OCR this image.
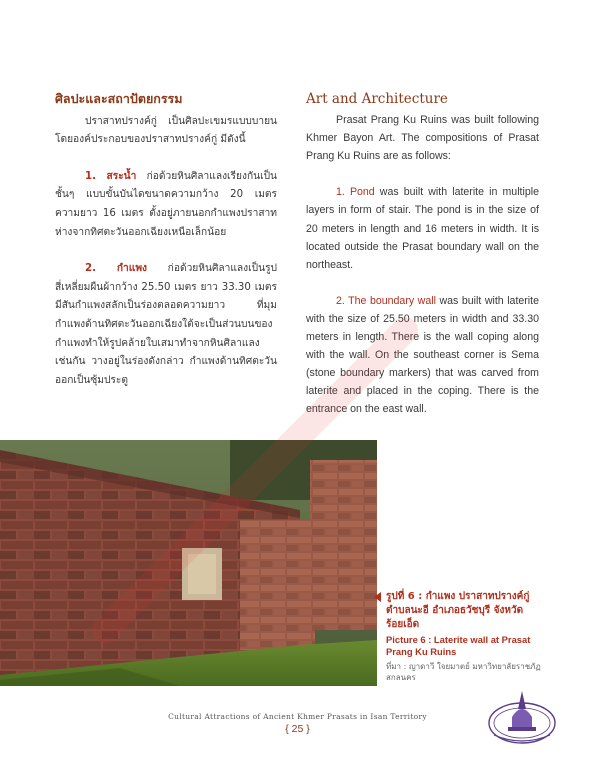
ศิลปะและสถาปัตยกรรม

ปราสาทปรางค์กู่ เป็นศิลปะเขมรแบบบายน โดยองค์ประกอบของปราสาทปรางค์กู่ มีดังนี้

1. สระน้ำ ก่อด้วยหินศิลาแลงเรียงกันเป็นชั้นๆ แบบขั้นบันไดขนาดความกว้าง 20 เมตร ความยาว 16 เมตร ตั้งอยู่ภายนอกกำแพงปราสาทห่างจากทิศตะวันออกเฉียงเหนือเล็กน้อย

2. กำแพง ก่อด้วยหินศิลาแลงเป็นรูปสี่เหลี่ยมผืนผ้ากว้าง 25.50 เมตร ยาว 33.30 เมตร มีสันกำแพงสลักเป็นร่องตลอดความยาว ที่มุมกำแพงด้านทิศตะวันออกเฉียงใต้จะเป็นส่วนบนของกำแพงทำให้รูปคล้ายใบเสมาทำจากหินศิลาแลงเช่นกัน วางอยู่ในร่องดังกล่าว กำแพงด้านทิศตะวันออกเป็นซุ้มประตู

Art and Architecture

Prasat Prang Ku Ruins was built following Khmer Bayon Art. The compositions of Prasat Prang Ku Ruins are as follows:

1. Pond was built with laterite in multiple layers in form of stair. The pond is in the size of 20 meters in length and 16 meters in width. It is located outside the Prasat boundary wall on the northeast.

2. The boundary wall was built with laterite with the size of 25.50 meters in width and 33.30 meters in length. There is the wall coping along with the wall. On the southeast corner is Sema (stone boundary markers) that was carved from laterite and placed in the coping. There is the entrance on the east wall.

รูปที่ 6 : กำแพง ปราสาทปรางค์กู่ ตำบลนะอี อำเภอธวัชบุรี จังหวัดร้อยเอ็ด
Picture 6 : Laterite wall at Prasat Prang Ku Ruins
ที่มา : ญาดาวี ใจยมาตย์ มหาวิทยาลัยราชภัฏสกลนคร
Cultural Attractions of Ancient Khmer Prasats in Isan Territory
{ 25 }
